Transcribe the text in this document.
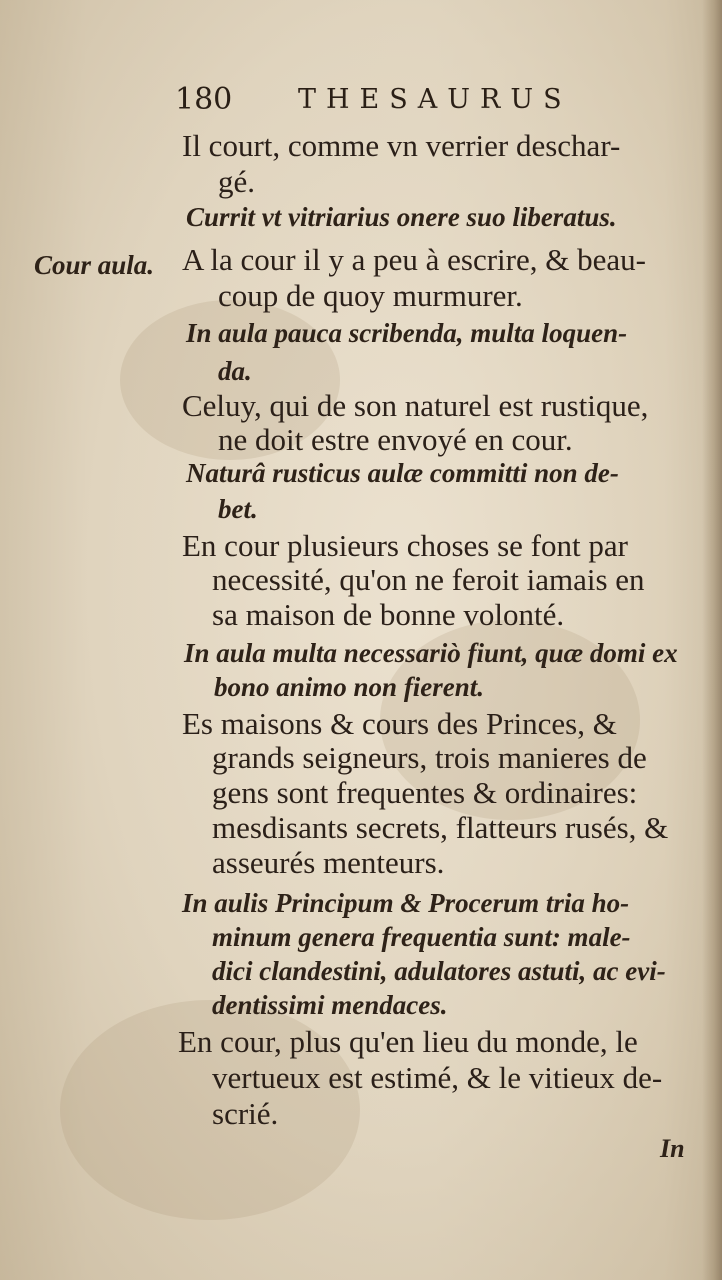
180 THESAURUS
Cour aula.
Il court, comme vn verrier deschar-
gé.
Currit vt vitriarius onere suo liberatus.
A la cour il y a peu à escrire, & beau-
coup de quoy murmurer.
In aula pauca scribenda, multa loquen-
da.
Celuy, qui de son naturel est rustique,
ne doit estre envoyé en cour.
Naturâ rusticus aulæ committi non de-
bet.
En cour plusieurs choses se font par
necessité, qu'on ne feroit iamais en
sa maison de bonne volonté.
In aula multa necessariò fiunt, quæ domi ex
bono animo non fierent.
Es maisons & cours des Princes, &
grands seigneurs, trois manieres de
gens sont frequentes & ordinaires:
mesdisants secrets, flatteurs rusés, &
asseurés menteurs.
In aulis Principum & Procerum tria ho-
minum genera frequentia sunt: male-
dici clandestini, adulatores astuti, ac evi-
dentissimi mendaces.
En cour, plus qu'en lieu du monde, le
vertueux est estimé, & le vitieux de-
scrié.
In
